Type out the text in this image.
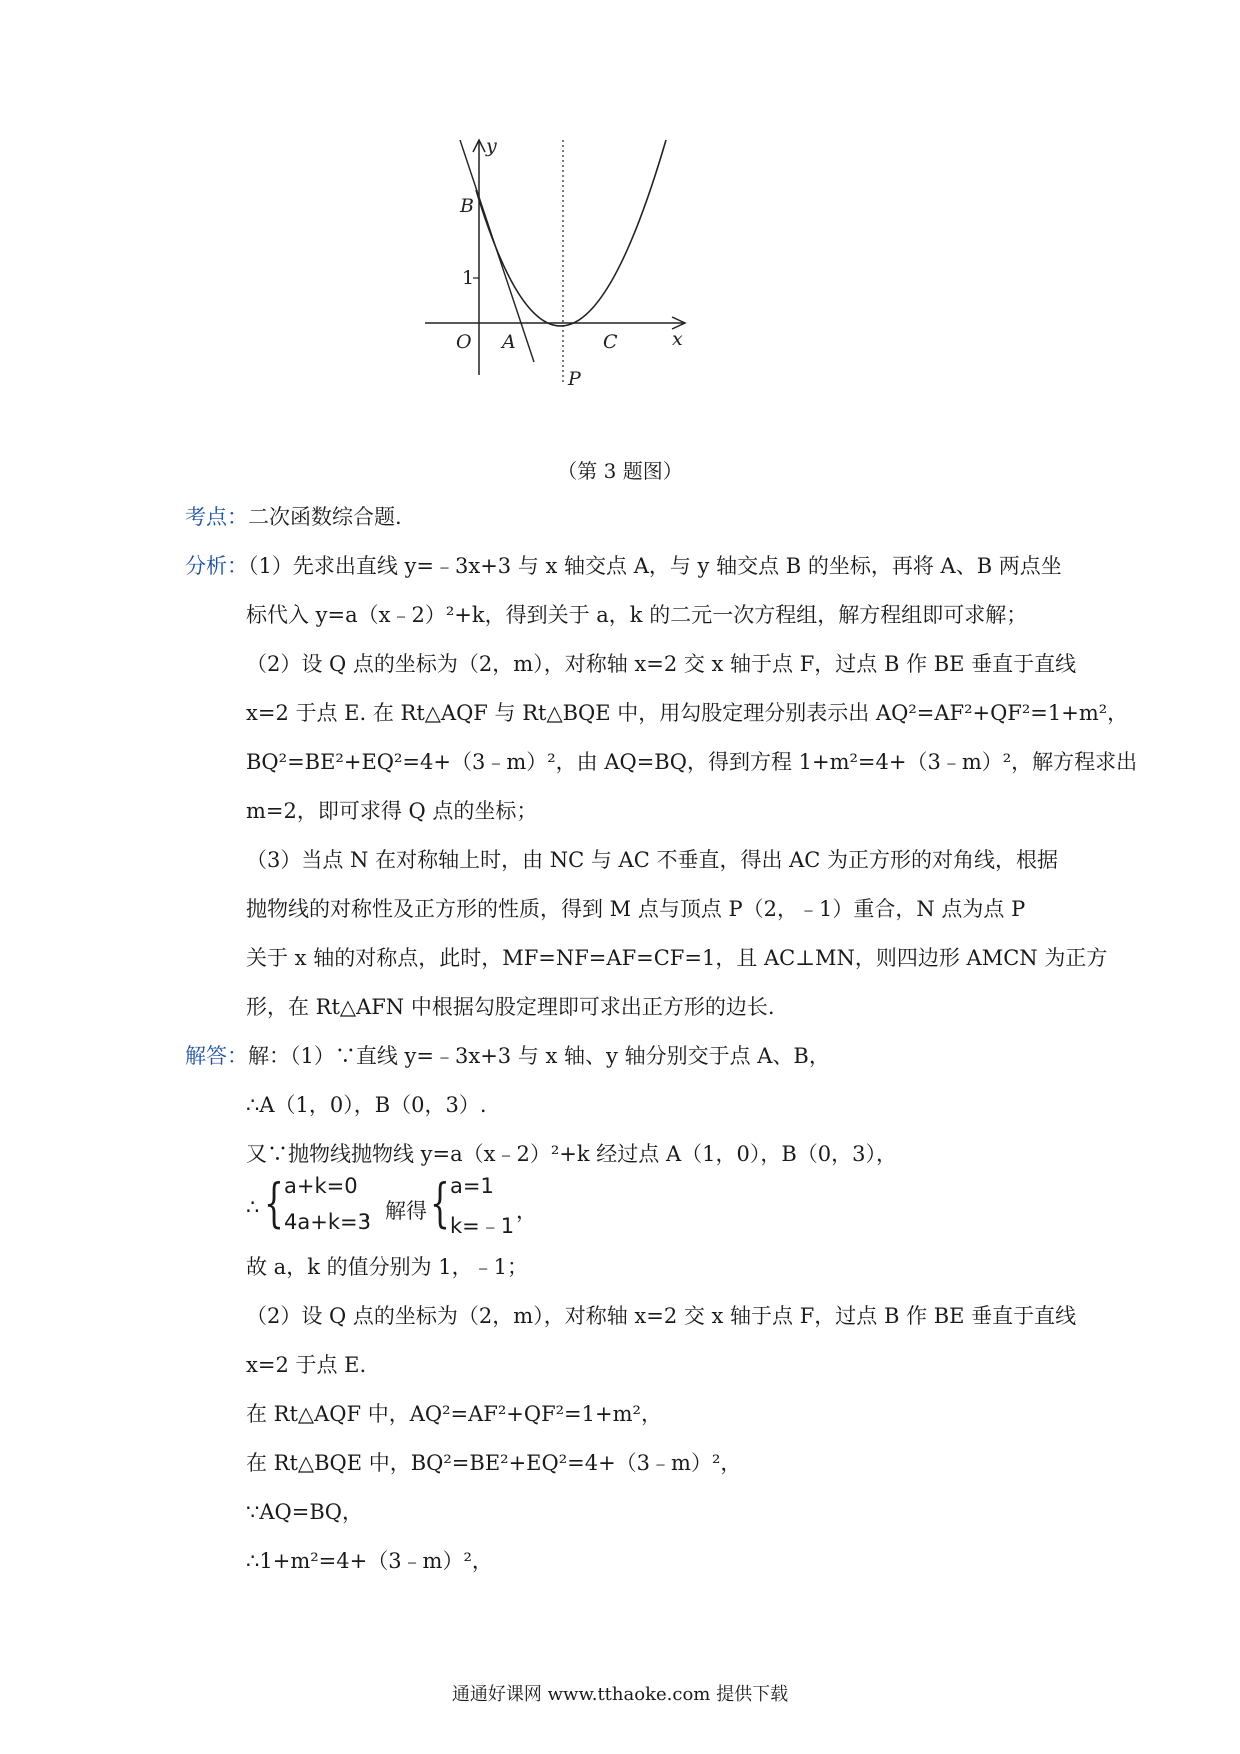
y
x
B
1
O A	C
P
（第 3 题图）
考点：二次函数综合题.
分析：（1）先求出直线 y=﹣3x+3 与 x 轴交点 A，与 y 轴交点 B 的坐标，再将 A、B 两点坐
标代入 y=a（x﹣2）²+k，得到关于 a，k 的二元一次方程组，解方程组即可求解；
（2）设 Q 点的坐标为（2，m），对称轴 x=2 交 x 轴于点 F，过点 B 作 BE 垂直于直线
x=2 于点 E. 在 Rt△AQF 与 Rt△BQE 中，用勾股定理分别表示出 AQ²=AF²+QF²=1+m²，
BQ²=BE²+EQ²=4+（3﹣m）²，由 AQ=BQ，得到方程 1+m²=4+（3﹣m）²，解方程求出
m=2，即可求得 Q 点的坐标；
（3）当点 N 在对称轴上时，由 NC 与 AC 不垂直，得出 AC 为正方形的对角线，根据
抛物线的对称性及正方形的性质，得到 M 点与顶点 P（2，﹣1）重合，N 点为点 P
关于 x 轴的对称点，此时，MF=NF=AF=CF=1，且 AC⊥MN，则四边形 AMCN 为正方
形，在 Rt△AFN 中根据勾股定理即可求出正方形的边长.
解答：解：（1）∵直线 y=﹣3x+3 与 x 轴、y 轴分别交于点 A、B，
∴A（1，0），B（0，3）.
又∵抛物线抛物线 y=a（x﹣2）²+k 经过点 A（1，0），B（0，3），
∴ { a+k=0
4a+k=3
，解得 { a=1
k=﹣1
，
故 a，k 的值分别为 1，﹣1；
（2）设 Q 点的坐标为（2，m），对称轴 x=2 交 x 轴于点 F，过点 B 作 BE 垂直于直线
x=2 于点 E.
在 Rt△AQF 中，AQ²=AF²+QF²=1+m²，
在 Rt△BQE 中，BQ²=BE²+EQ²=4+（3﹣m）²，
∵AQ=BQ，
∴1+m²=4+（3﹣m）²，
通通好课网 www.tthaoke.com 提供下载
